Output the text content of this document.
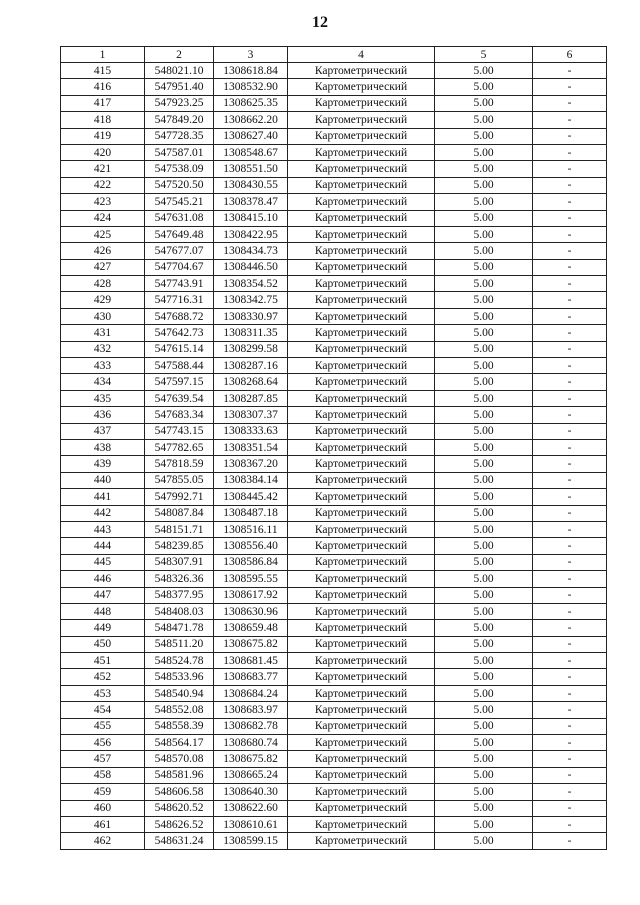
12
1	2	3	4	5	6
415	548021.10	1308618.84	Картометрический	5.00	-
416	547951.40	1308532.90	Картометрический	5.00	-
417	547923.25	1308625.35	Картометрический	5.00	-
418	547849.20	1308662.20	Картометрический	5.00	-
419	547728.35	1308627.40	Картометрический	5.00	-
420	547587.01	1308548.67	Картометрический	5.00	-
421	547538.09	1308551.50	Картометрический	5.00	-
422	547520.50	1308430.55	Картометрический	5.00	-
423	547545.21	1308378.47	Картометрический	5.00	-
424	547631.08	1308415.10	Картометрический	5.00	-
425	547649.48	1308422.95	Картометрический	5.00	-
426	547677.07	1308434.73	Картометрический	5.00	-
427	547704.67	1308446.50	Картометрический	5.00	-
428	547743.91	1308354.52	Картометрический	5.00	-
429	547716.31	1308342.75	Картометрический	5.00	-
430	547688.72	1308330.97	Картометрический	5.00	-
431	547642.73	1308311.35	Картометрический	5.00	-
432	547615.14	1308299.58	Картометрический	5.00	-
433	547588.44	1308287.16	Картометрический	5.00	-
434	547597.15	1308268.64	Картометрический	5.00	-
435	547639.54	1308287.85	Картометрический	5.00	-
436	547683.34	1308307.37	Картометрический	5.00	-
437	547743.15	1308333.63	Картометрический	5.00	-
438	547782.65	1308351.54	Картометрический	5.00	-
439	547818.59	1308367.20	Картометрический	5.00	-
440	547855.05	1308384.14	Картометрический	5.00	-
441	547992.71	1308445.42	Картометрический	5.00	-
442	548087.84	1308487.18	Картометрический	5.00	-
443	548151.71	1308516.11	Картометрический	5.00	-
444	548239.85	1308556.40	Картометрический	5.00	-
445	548307.91	1308586.84	Картометрический	5.00	-
446	548326.36	1308595.55	Картометрический	5.00	-
447	548377.95	1308617.92	Картометрический	5.00	-
448	548408.03	1308630.96	Картометрический	5.00	-
449	548471.78	1308659.48	Картометрический	5.00	-
450	548511.20	1308675.82	Картометрический	5.00	-
451	548524.78	1308681.45	Картометрический	5.00	-
452	548533.96	1308683.77	Картометрический	5.00	-
453	548540.94	1308684.24	Картометрический	5.00	-
454	548552.08	1308683.97	Картометрический	5.00	-
455	548558.39	1308682.78	Картометрический	5.00	-
456	548564.17	1308680.74	Картометрический	5.00	-
457	548570.08	1308675.82	Картометрический	5.00	-
458	548581.96	1308665.24	Картометрический	5.00	-
459	548606.58	1308640.30	Картометрический	5.00	-
460	548620.52	1308622.60	Картометрический	5.00	-
461	548626.52	1308610.61	Картометрический	5.00	-
462	548631.24	1308599.15	Картометрический	5.00	-
